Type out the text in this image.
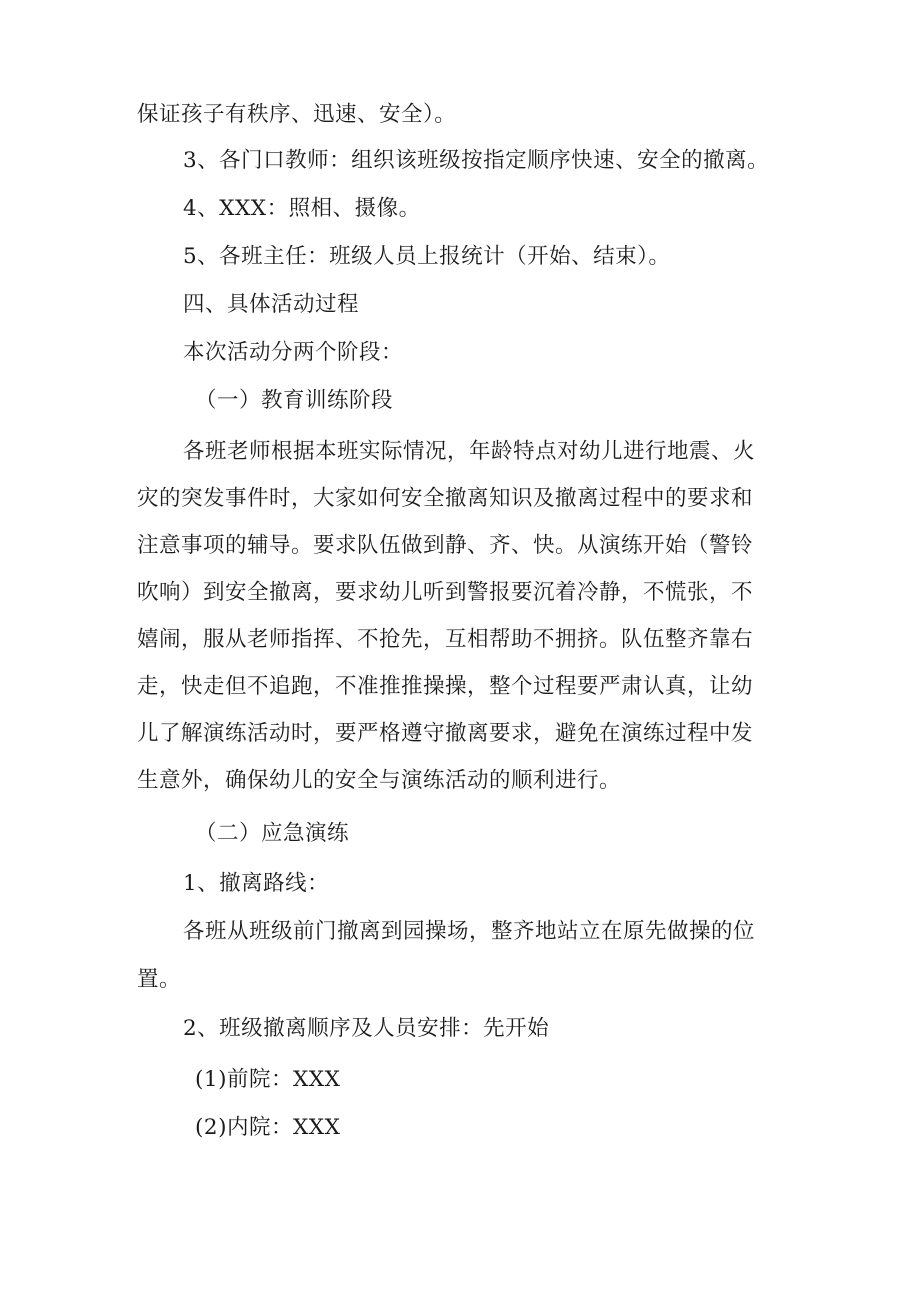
保证孩子有秩序、迅速、安全）。
3、各门口教师：组织该班级按指定顺序快速、安全的撤离。
4、XXX：照相、摄像。
5、各班主任：班级人员上报统计（开始、结束）。
四、具体活动过程
本次活动分两个阶段：
（一）教育训练阶段
各班老师根据本班实际情况，年龄特点对幼儿进行地震、火
灾的突发事件时，大家如何安全撤离知识及撤离过程中的要求和
注意事项的辅导。要求队伍做到静、齐、快。从演练开始（警铃
吹响）到安全撤离，要求幼儿听到警报要沉着冷静，不慌张，不
嬉闹，服从老师指挥、不抢先，互相帮助不拥挤。队伍整齐靠右
走，快走但不追跑，不准推推操操，整个过程要严肃认真，让幼
儿了解演练活动时，要严格遵守撤离要求，避免在演练过程中发
生意外，确保幼儿的安全与演练活动的顺利进行。
（二）应急演练
1、撤离路线：
各班从班级前门撤离到园操场，整齐地站立在原先做操的位
置。
2、班级撤离顺序及人员安排：先开始
(1)前院：XXX
(2)内院：XXX
